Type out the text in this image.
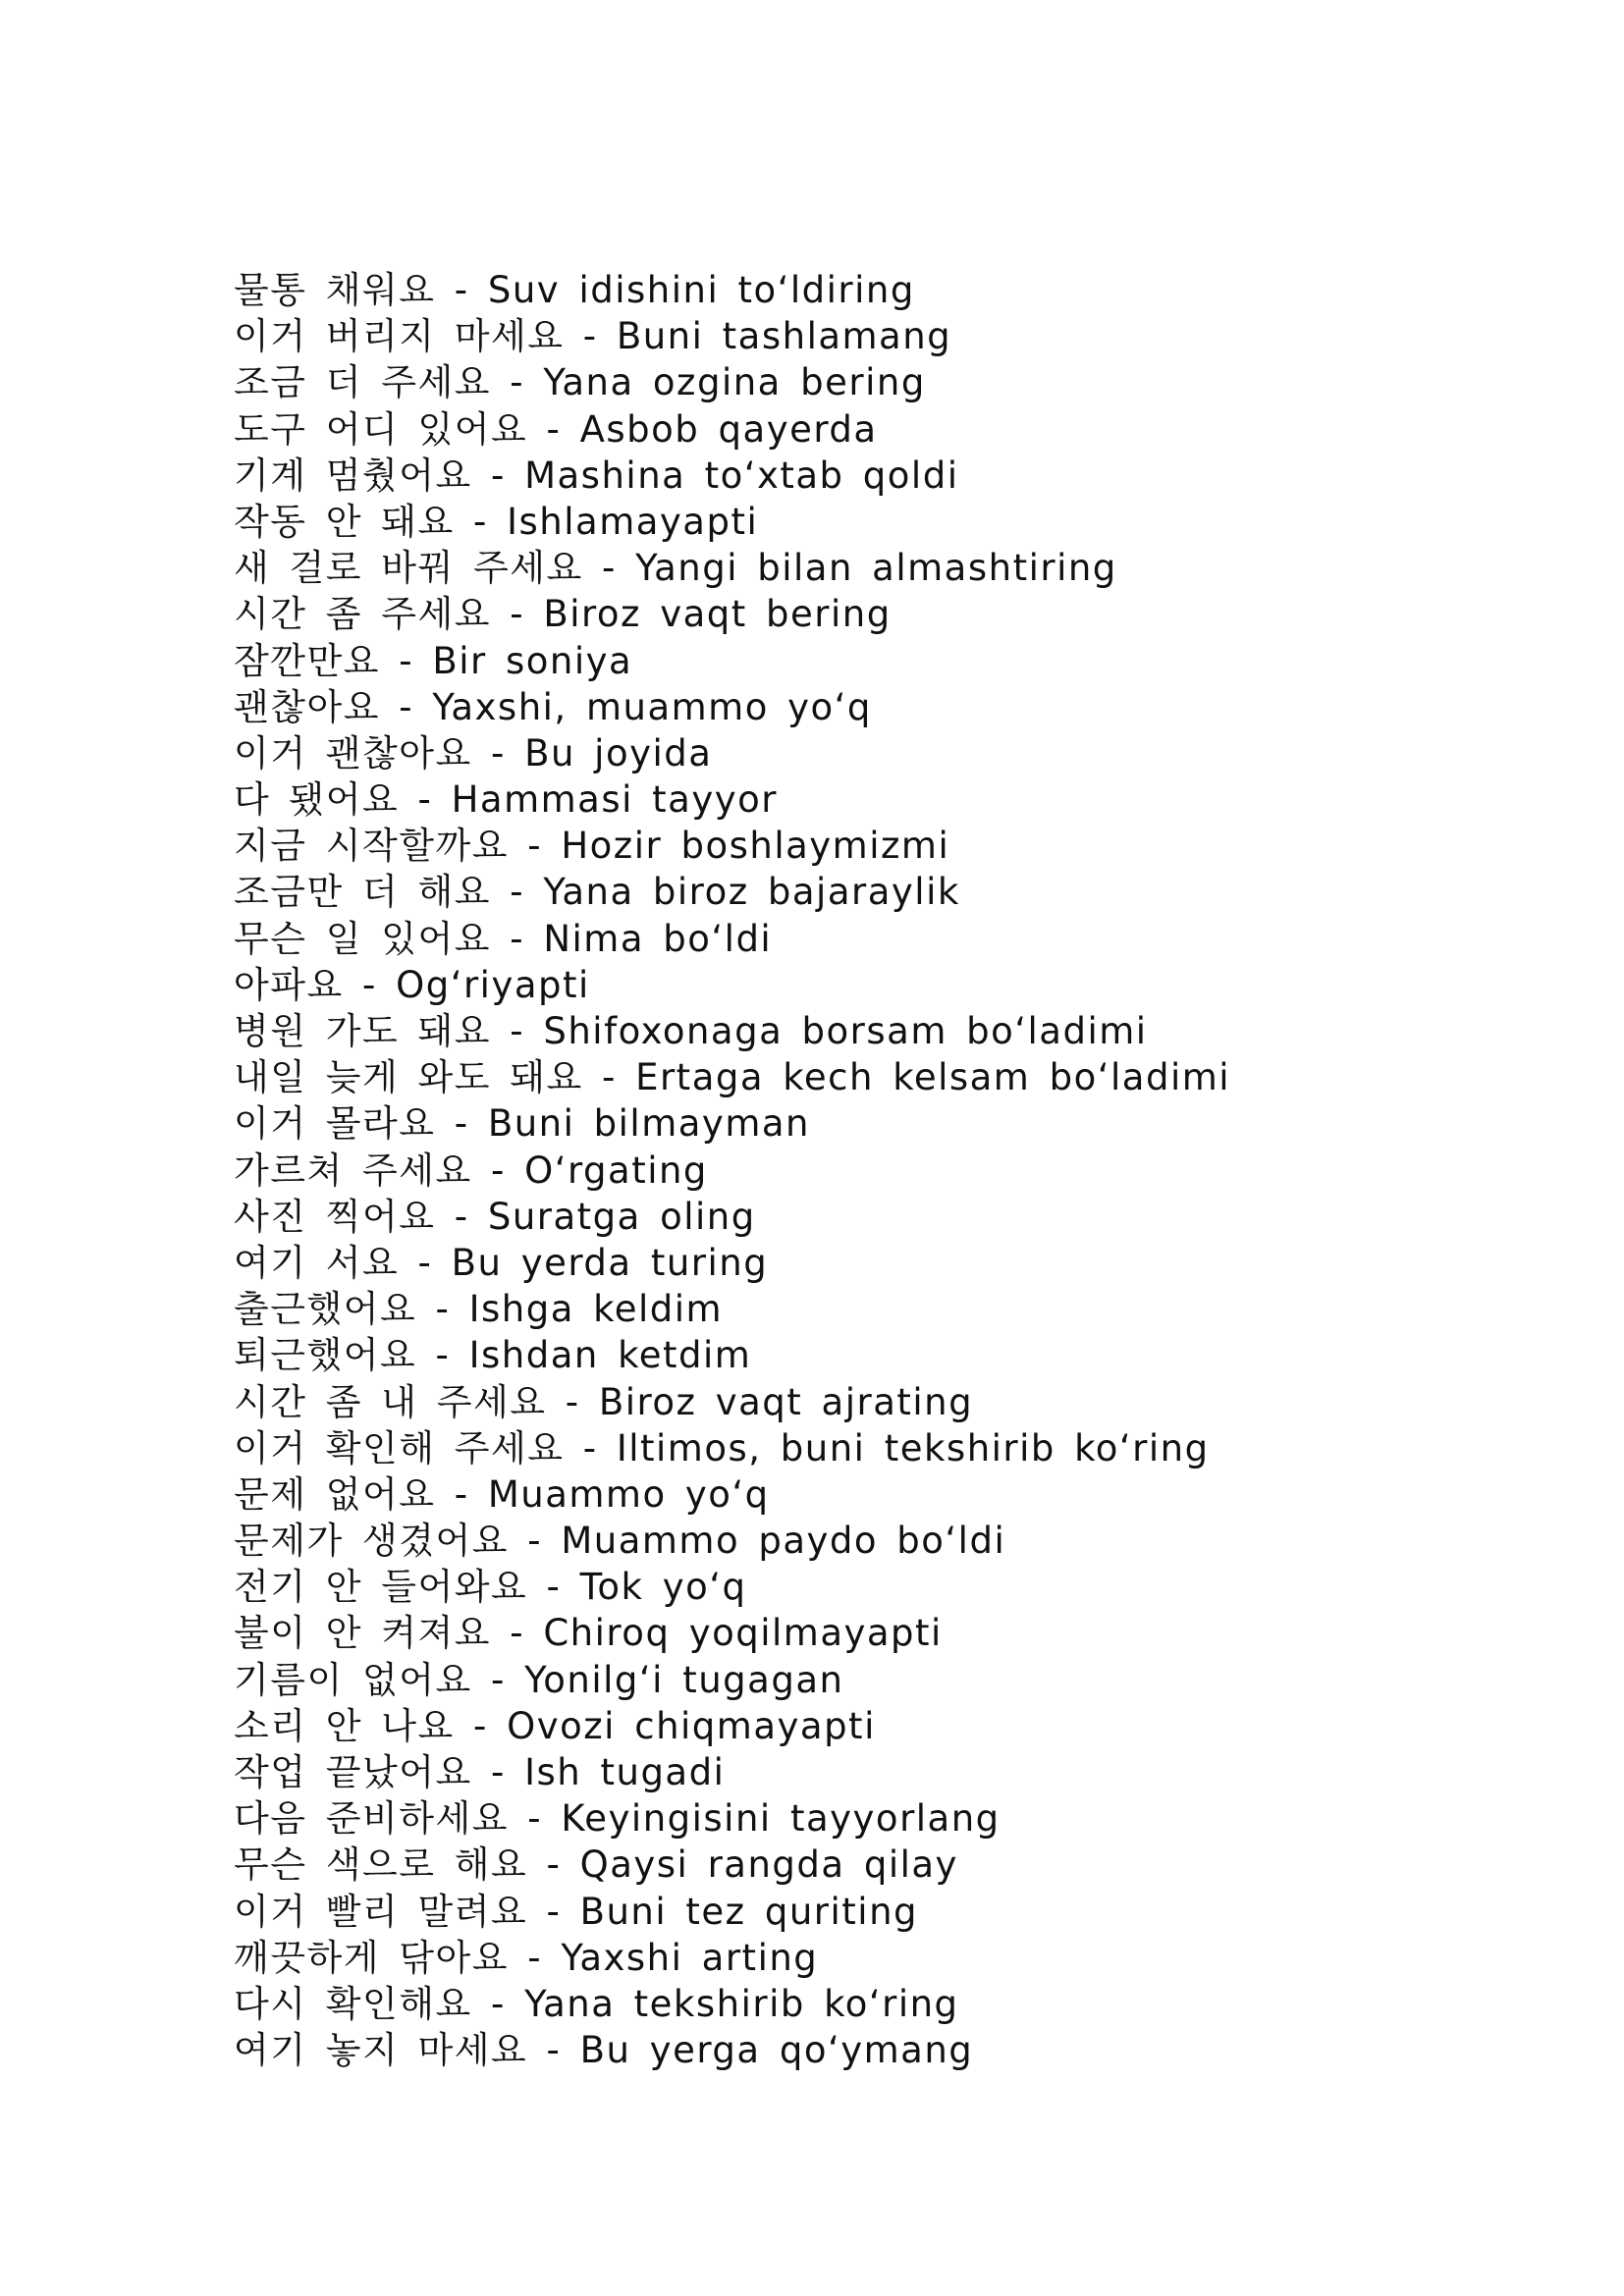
물통 채워요 - Suv idishini to‘ldiring
이거 버리지 마세요 - Buni tashlamang
조금 더 주세요 - Yana ozgina bering
도구 어디 있어요 - Asbob qayerda
기계 멈췄어요 - Mashina to‘xtab qoldi
작동 안 돼요 - Ishlamayapti
새 걸로 바꿔 주세요 - Yangi bilan almashtiring
시간 좀 주세요 - Biroz vaqt bering
잠깐만요 - Bir soniya
괜찮아요 - Yaxshi, muammo yo‘q
이거 괜찮아요 - Bu joyida
다 됐어요 - Hammasi tayyor
지금 시작할까요 - Hozir boshlaymizmi
조금만 더 해요 - Yana biroz bajaraylik
무슨 일 있어요 - Nima bo‘ldi
아파요 - Og‘riyapti
병원 가도 돼요 - Shifoxonaga borsam bo‘ladimi
내일 늦게 와도 돼요 - Ertaga kech kelsam bo‘ladimi
이거 몰라요 - Buni bilmayman
가르쳐 주세요 - O‘rgating
사진 찍어요 - Suratga oling
여기 서요 - Bu yerda turing
출근했어요 - Ishga keldim
퇴근했어요 - Ishdan ketdim
시간 좀 내 주세요 - Biroz vaqt ajrating
이거 확인해 주세요 - Iltimos, buni tekshirib ko‘ring
문제 없어요 - Muammo yo‘q
문제가 생겼어요 - Muammo paydo bo‘ldi
전기 안 들어와요 - Tok yo‘q
불이 안 켜져요 - Chiroq yoqilmayapti
기름이 없어요 - Yonilg‘i tugagan
소리 안 나요 - Ovozi chiqmayapti
작업 끝났어요 - Ish tugadi
다음 준비하세요 - Keyingisini tayyorlang
무슨 색으로 해요 - Qaysi rangda qilay
이거 빨리 말려요 - Buni tez quriting
깨끗하게 닦아요 - Yaxshi arting
다시 확인해요 - Yana tekshirib ko‘ring
여기 놓지 마세요 - Bu yerga qo‘ymang
